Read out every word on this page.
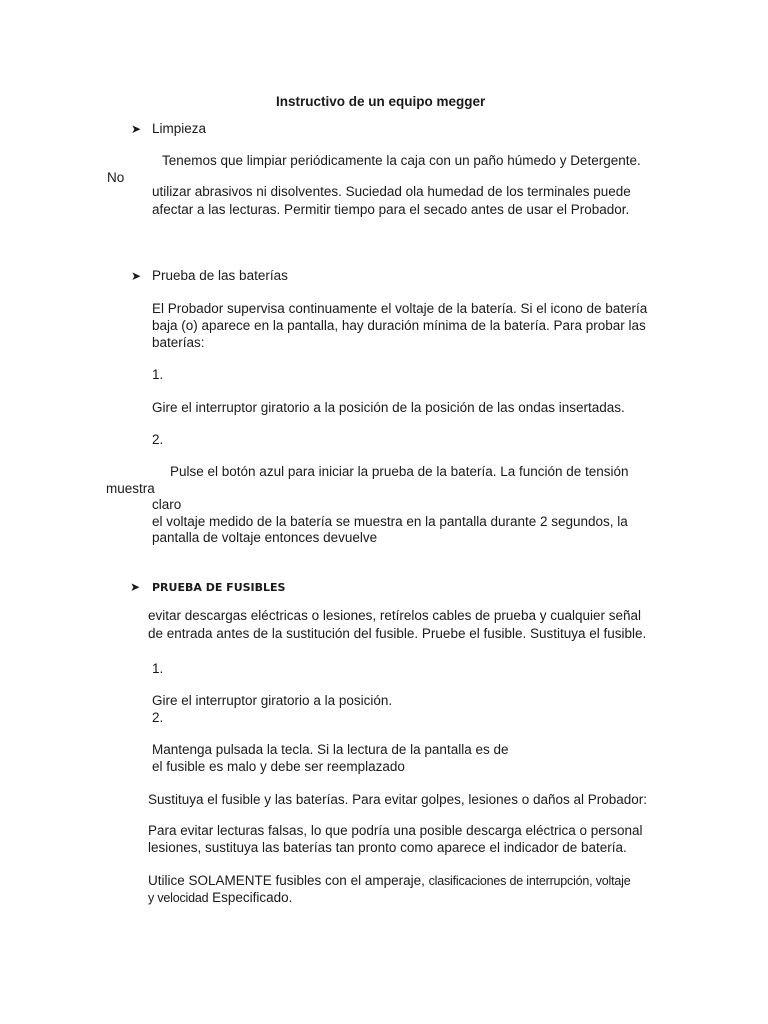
Instructivo de un equipo megger
➤ Limpieza
Tenemos que limpiar periódicamente la caja con un paño húmedo y Detergente.
No
utilizar abrasivos ni disolventes. Suciedad ola humedad de los terminales puede
afectar a las lecturas. Permitir tiempo para el secado antes de usar el Probador.
➤ Prueba de las baterías
El Probador supervisa continuamente el voltaje de la batería. Si el icono de batería
baja (o) aparece en la pantalla, hay duración mínima de la batería. Para probar las
baterías:
1.
Gire el interruptor giratorio a la posición de la posición de las ondas insertadas.
2.
Pulse el botón azul para iniciar la prueba de la batería. La función de tensión
muestra
claro
el voltaje medido de la batería se muestra en la pantalla durante 2 segundos, la
pantalla de voltaje entonces devuelve
➤ PRUEBA DE FUSIBLES
evitar descargas eléctricas o lesiones, retírelos cables de prueba y cualquier señal
de entrada antes de la sustitución del fusible. Pruebe el fusible. Sustituya el fusible.
1.
Gire el interruptor giratorio a la posición.
2.
Mantenga pulsada la tecla. Si la lectura de la pantalla es de
el fusible es malo y debe ser reemplazado
Sustituya el fusible y las baterías. Para evitar golpes, lesiones o daños al Probador:
Para evitar lecturas falsas, lo que podría una posible descarga eléctrica o personal
lesiones, sustituya las baterías tan pronto como aparece el indicador de batería.
Utilice SOLAMENTE fusibles con el amperaje, clasificaciones de interrupción, voltaje
y velocidad Especificado.
